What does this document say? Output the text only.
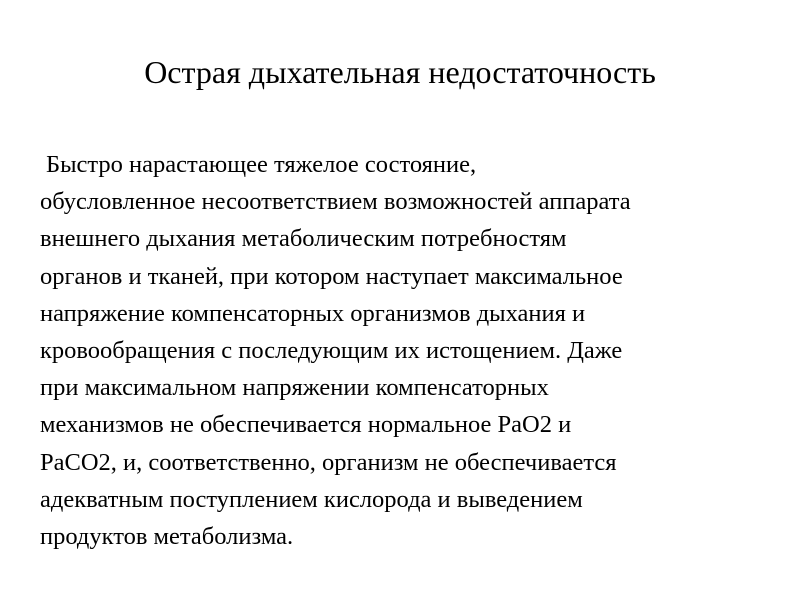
Острая дыхательная недостаточность
Быстро нарастающее тяжелое состояние,
обусловленное несоответствием возможностей аппарата
внешнего дыхания метаболическим потребностям
органов и тканей, при котором наступает максимальное
напряжение компенсаторных организмов дыхания и
кровообращения с последующим их истощением. Даже
при максимальном напряжении компенсаторных
механизмов не обеспечивается нормальное РаО2 и
РаСО2, и, соответственно, организм не обеспечивается
адекватным поступлением кислорода и выведением
продуктов метаболизма.
